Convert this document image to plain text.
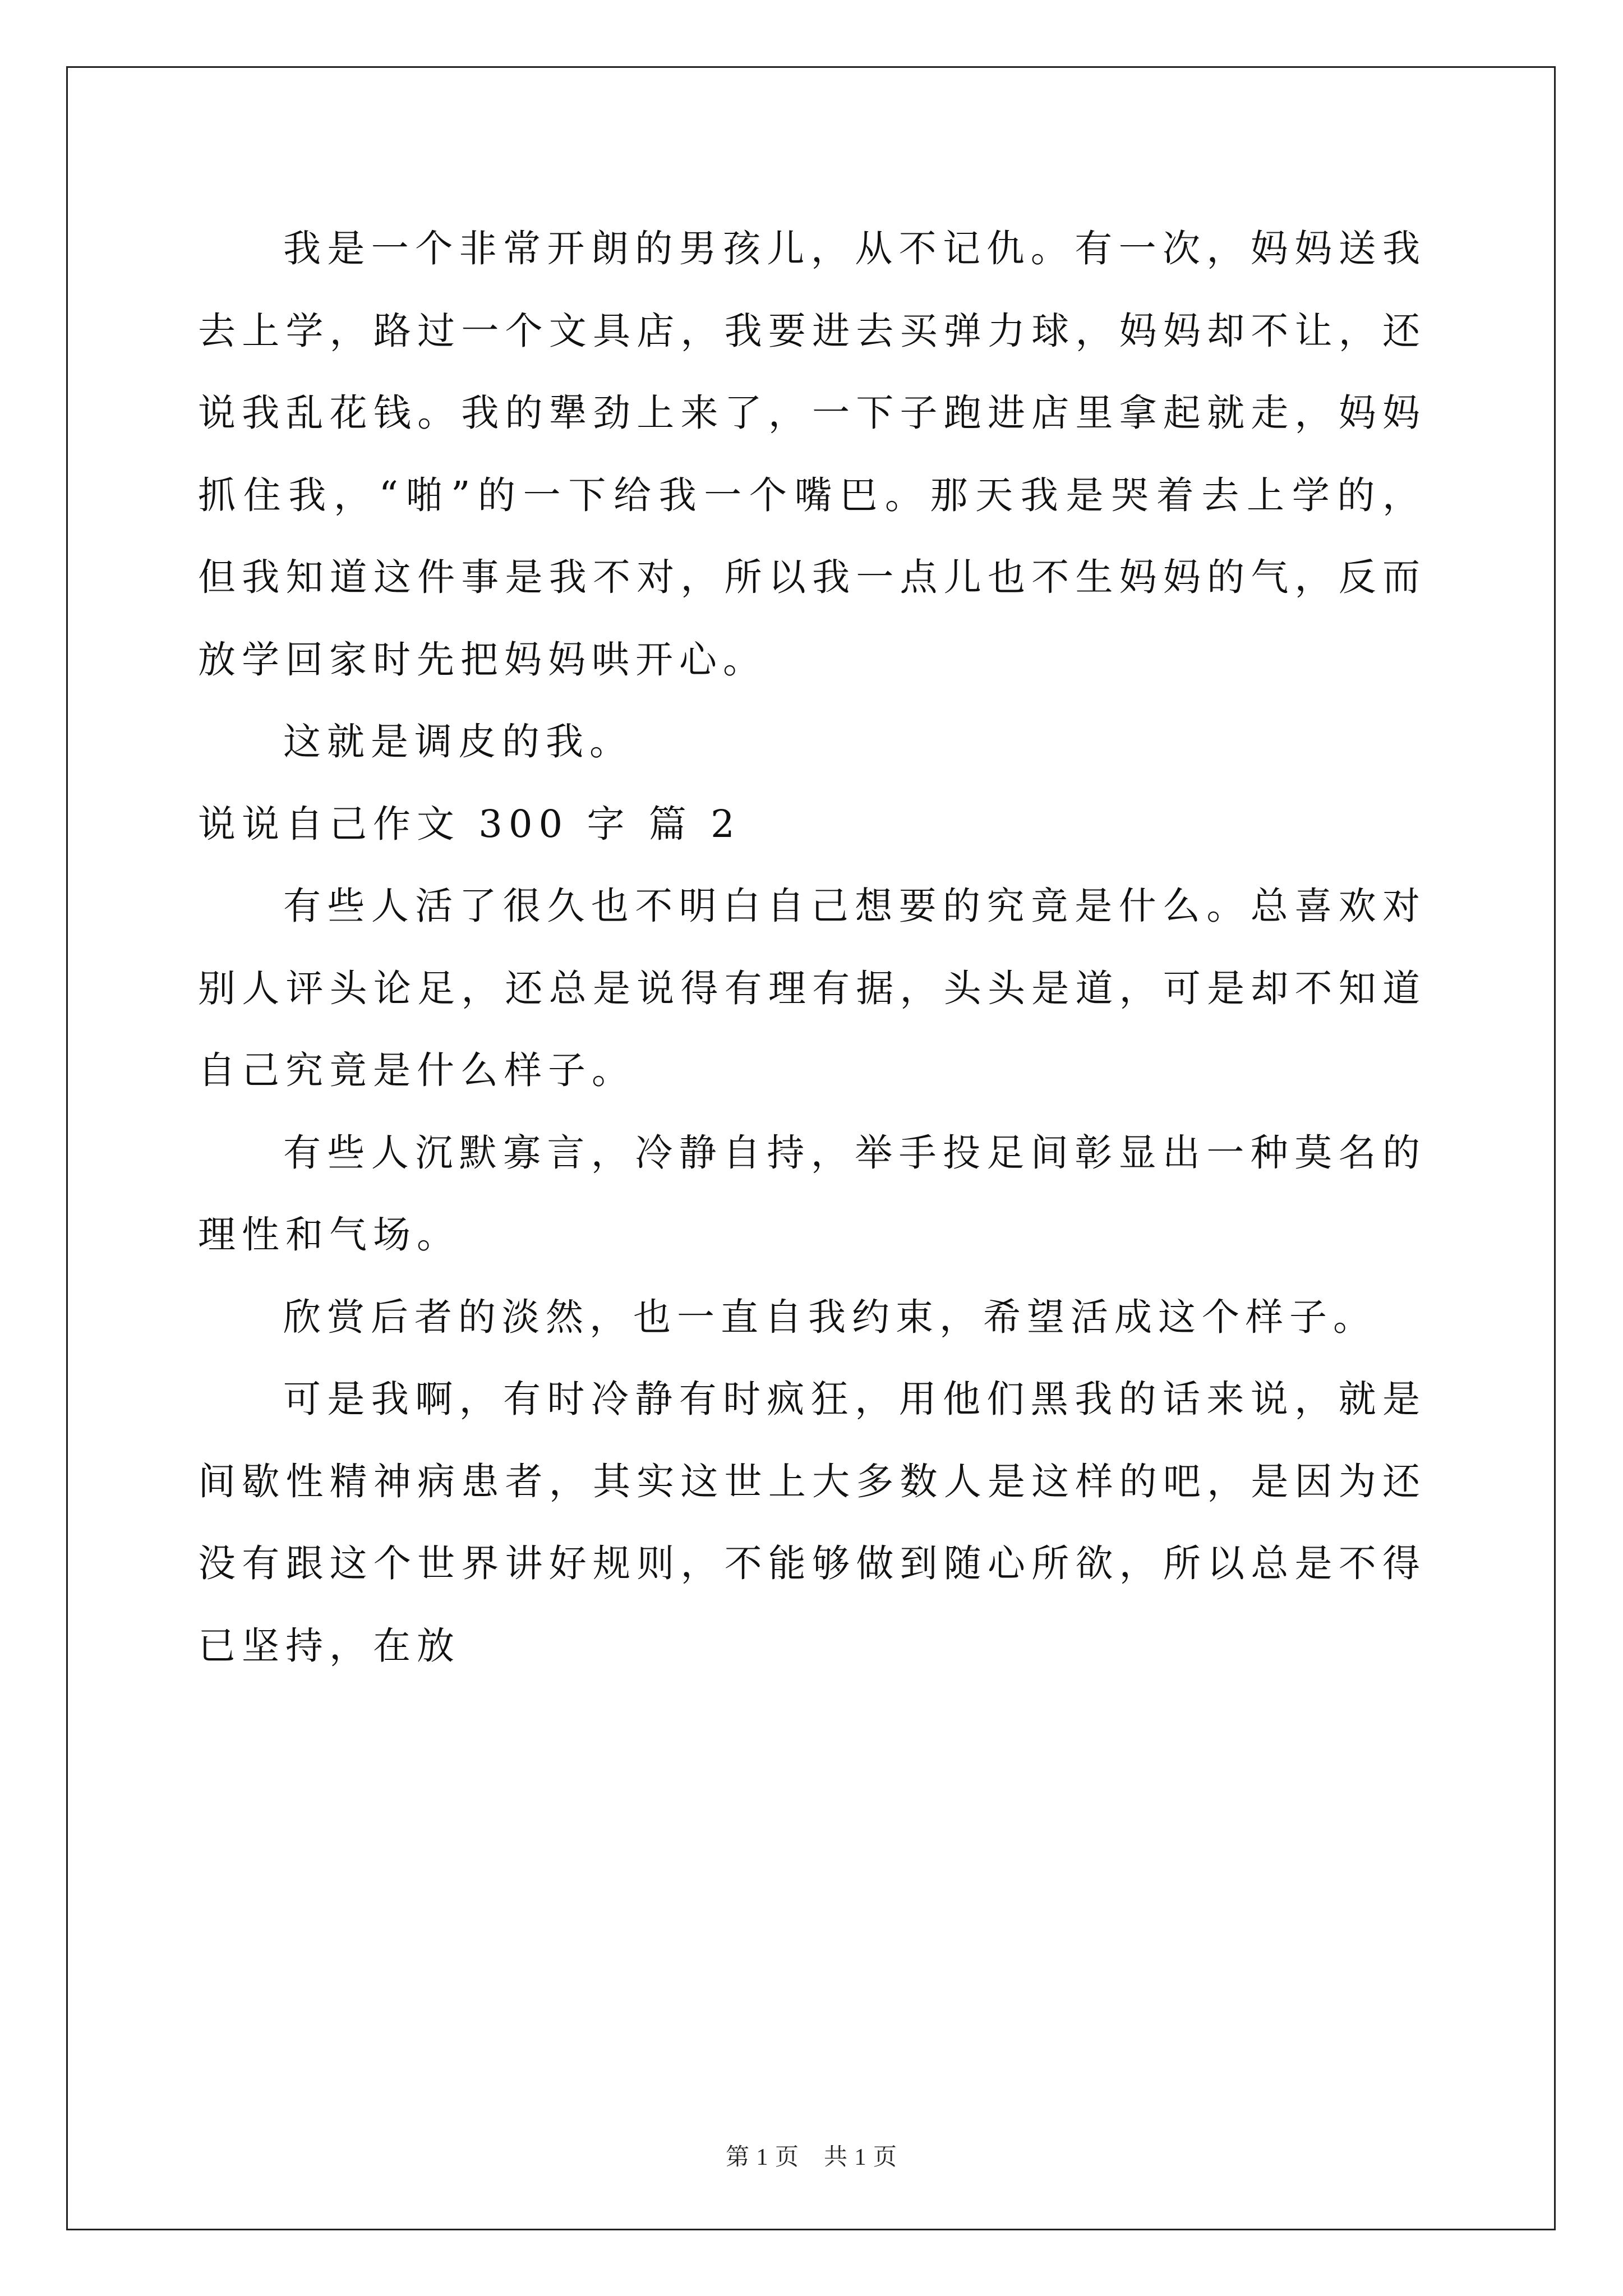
我是一个非常开朗的男孩儿，从不记仇。有一次，妈妈送我去上学，路过一个文具店，我要进去买弹力球，妈妈却不让，还说我乱花钱。我的犟劲上来了，一下子跑进店里拿起就走，妈妈抓住我，“啪”的一下给我一个嘴巴。那天我是哭着去上学的，但我知道这件事是我不对，所以我一点儿也不生妈妈的气，反而放学回家时先把妈妈哄开心。

这就是调皮的我。

说说自己作文 300 字 篇 2

有些人活了很久也不明白自己想要的究竟是什么。总喜欢对别人评头论足，还总是说得有理有据，头头是道，可是却不知道自己究竟是什么样子。

有些人沉默寡言，冷静自持，举手投足间彰显出一种莫名的理性和气场。

欣赏后者的淡然，也一直自我约束，希望活成这个样子。

可是我啊，有时冷静有时疯狂，用他们黑我的话来说，就是间歇性精神病患者，其实这世上大多数人是这样的吧，是因为还没有跟这个世界讲好规则，不能够做到随心所欲，所以总是不得已坚持，在放

第 1 页 共 1 页
